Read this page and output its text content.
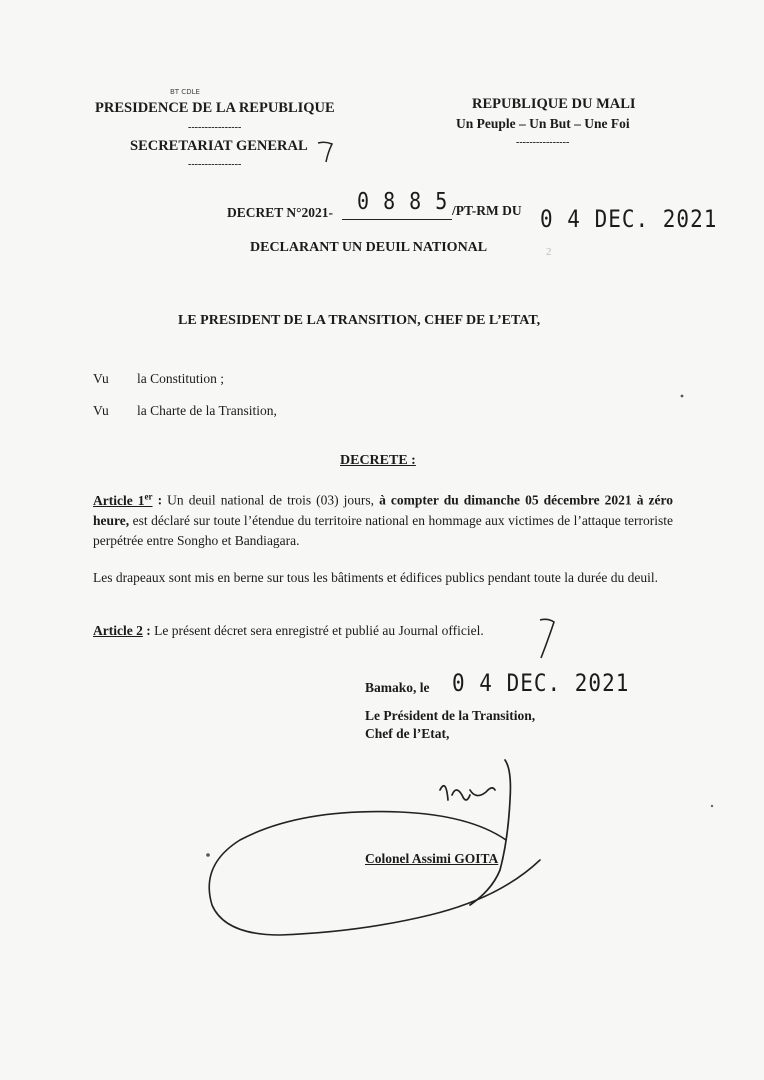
BT CDLE
PRESIDENCE DE LA REPUBLIQUE
----------------
SECRETARIAT GENERAL
----------------
REPUBLIQUE DU MALI
Un Peuple – Un But – Une Foi
----------------
DECRET N°2021- 0 8 8 5 /PT-RM DU 0 4 DEC. 2021
DECLARANT UN DEUIL NATIONAL	2
LE PRESIDENT DE LA TRANSITION, CHEF DE L’ETAT,
Vu la Constitution ;
Vu la Charte de la Transition,
DECRETE :
Article 1er : Un deuil national de trois (03) jours, à compter du dimanche 05 décembre 2021 à zéro heure, est déclaré sur toute l’étendue du territoire national en hommage aux victimes de l’attaque terroriste perpétrée entre Songho et Bandiagara.
Les drapeaux sont mis en berne sur tous les bâtiments et édifices publics pendant toute la durée du deuil.
Article 2 : Le présent décret sera enregistré et publié au Journal officiel.
Bamako, le 0 4 DEC. 2021
Le Président de la Transition,
Chef de l’Etat,
Colonel Assimi GOITA
